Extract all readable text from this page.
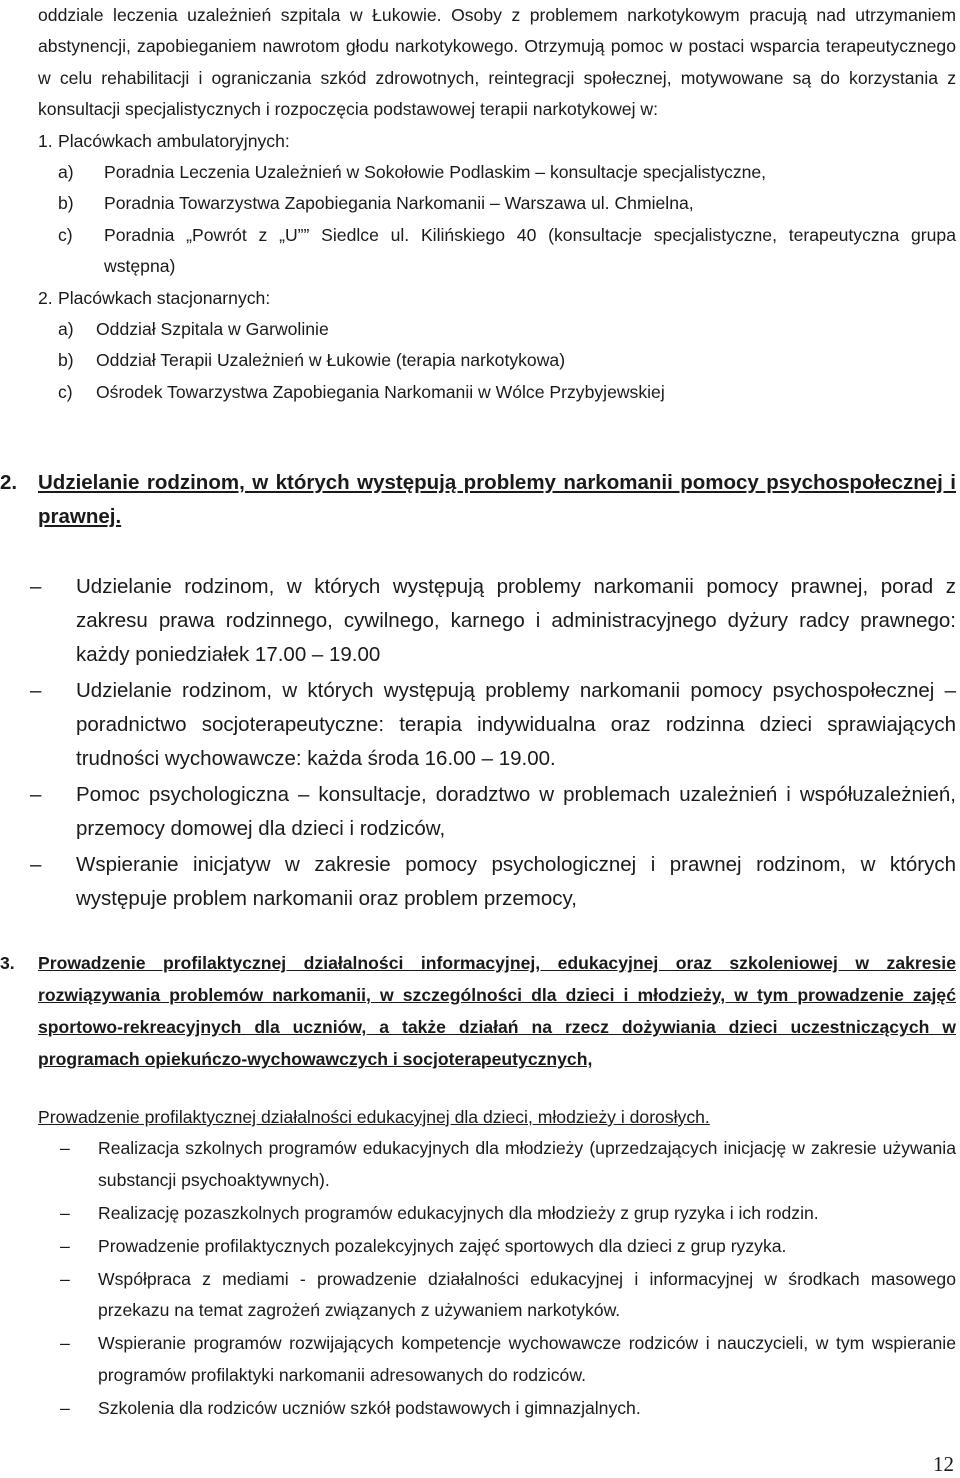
oddziale leczenia uzależnień szpitala w Łukowie. Osoby z problemem narkotykowym pracują nad utrzymaniem abstynencji, zapobieganiem nawrotom głodu narkotykowego. Otrzymują pomoc w postaci wsparcia terapeutycznego w celu rehabilitacji i ograniczania szkód zdrowotnych, reintegracji społecznej, motywowane są do korzystania z konsultacji specjalistycznych i rozpoczęcia podstawowej terapii narkotykowej w:

1. Placówkach ambulatoryjnych:
a) Poradnia Leczenia Uzależnień w Sokołowie Podlaskim – konsultacje specjalistyczne,
b) Poradnia Towarzystwa Zapobiegania Narkomanii – Warszawa ul. Chmielna,
c) Poradnia „Powrót z „U”” Siedlce ul. Kilińskiego 40 (konsultacje specjalistyczne, terapeutyczna grupa wstępna)
2. Placówkach stacjonarnych:
a) Oddział Szpitala w Garwolinie
b) Oddział Terapii Uzależnień w Łukowie (terapia narkotykowa)
c) Ośrodek Towarzystwa Zapobiegania Narkomanii w Wólce Przybyjewskiej
2. Udzielanie rodzinom, w których występują problemy narkomanii pomocy psychospołecznej i prawnej.
– Udzielanie rodzinom, w których występują problemy narkomanii pomocy prawnej, porad z zakresu prawa rodzinnego, cywilnego, karnego i administracyjnego dyżury radcy prawnego: każdy poniedziałek 17.00 – 19.00
– Udzielanie rodzinom, w których występują problemy narkomanii pomocy psychospołecznej – poradnictwo socjoterapeutyczne: terapia indywidualna oraz rodzinna dzieci sprawiających trudności wychowawcze: każda środa 16.00 – 19.00.
– Pomoc psychologiczna – konsultacje, doradztwo w problemach uzależnień i współuzależnień, przemocy domowej dla dzieci i rodziców,
– Wspieranie inicjatyw w zakresie pomocy psychologicznej i prawnej rodzinom, w których występuje problem narkomanii oraz problem przemocy,
3. Prowadzenie profilaktycznej działalności informacyjnej, edukacyjnej oraz szkoleniowej w zakresie rozwiązywania problemów narkomanii, w szczególności dla dzieci i młodzieży, w tym prowadzenie zajęć sportowo-rekreacyjnych dla uczniów, a także działań na rzecz dożywiania dzieci uczestniczących w programach opiekuńczo-wychowawczych i socjoterapeutycznych,
Prowadzenie profilaktycznej działalności edukacyjnej dla dzieci, młodzieży i dorosłych.
– Realizacja szkolnych programów edukacyjnych dla młodzieży (uprzedzających inicjację w zakresie używania substancji psychoaktywnych).
– Realizację pozaszkolnych programów edukacyjnych dla młodzieży z grup ryzyka i ich rodzin.
– Prowadzenie profilaktycznych pozalekcyjnych zajęć sportowych dla dzieci z grup ryzyka.
– Współpraca z mediami - prowadzenie działalności edukacyjnej i informacyjnej w środkach masowego przekazu na temat zagrożeń związanych z używaniem narkotyków.
– Wspieranie programów rozwijających kompetencje wychowawcze rodziców i nauczycieli, w tym wspieranie programów profilaktyki narkomanii adresowanych do rodziców.
– Szkolenia dla rodziców uczniów szkół podstawowych i gimnazjalnych.
12
